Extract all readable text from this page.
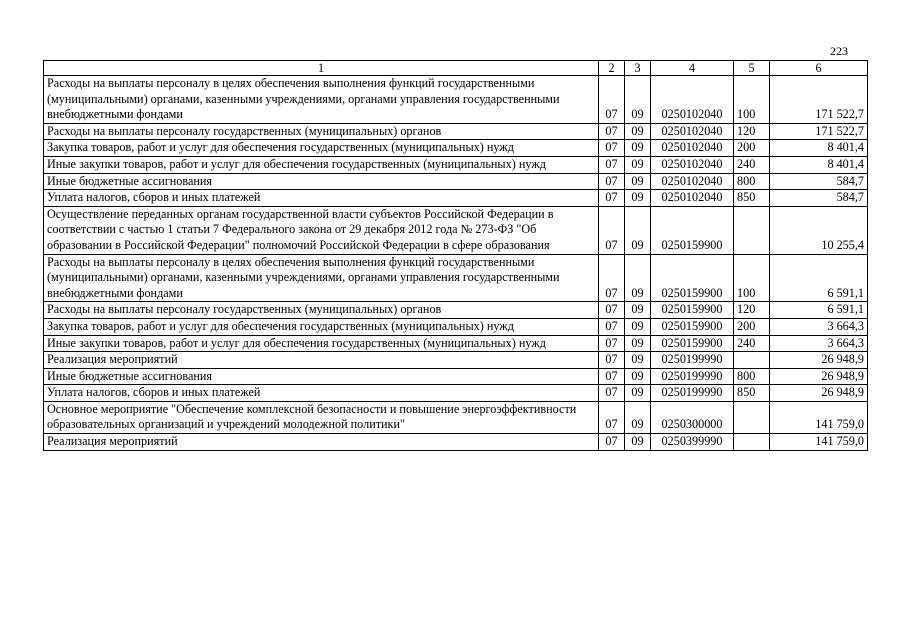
223
1	2	3	4	5	6
Расходы на выплаты персоналу в целях обеспечения выполнения функций государственными (муниципальными) органами, казенными учреждениями, органами управления государственными внебюджетными фондами	07	09	0250102040	100	171 522,7
Расходы на выплаты персоналу государственных (муниципальных) органов	07	09	0250102040	120	171 522,7
Закупка товаров, работ и услуг для обеспечения государственных (муниципальных) нужд	07	09	0250102040	200	8 401,4
Иные закупки товаров, работ и услуг для обеспечения государственных (муниципальных) нужд	07	09	0250102040	240	8 401,4
Иные бюджетные ассигнования	07	09	0250102040	800	584,7
Уплата налогов, сборов и иных платежей	07	09	0250102040	850	584,7
Осуществление переданных органам государственной власти субъектов Российской Федерации в соответствии с частью 1 статьи 7 Федерального закона от 29 декабря 2012 года № 273-ФЗ "Об образовании в Российской Федерации" полномочий Российской Федерации в сфере образования	07	09	0250159900		10 255,4
Расходы на выплаты персоналу в целях обеспечения выполнения функций государственными (муниципальными) органами, казенными учреждениями, органами управления государственными внебюджетными фондами	07	09	0250159900	100	6 591,1
Расходы на выплаты персоналу государственных (муниципальных) органов	07	09	0250159900	120	6 591,1
Закупка товаров, работ и услуг для обеспечения государственных (муниципальных) нужд	07	09	0250159900	200	3 664,3
Иные закупки товаров, работ и услуг для обеспечения государственных (муниципальных) нужд	07	09	0250159900	240	3 664,3
Реализация мероприятий	07	09	0250199990		26 948,9
Иные бюджетные ассигнования	07	09	0250199990	800	26 948,9
Уплата налогов, сборов и иных платежей	07	09	0250199990	850	26 948,9
Основное мероприятие "Обеспечение комплексной безопасности и повышение энергоэффективности образовательных организаций и учреждений молодежной политики"	07	09	0250300000		141 759,0
Реализация мероприятий	07	09	0250399990		141 759,0
